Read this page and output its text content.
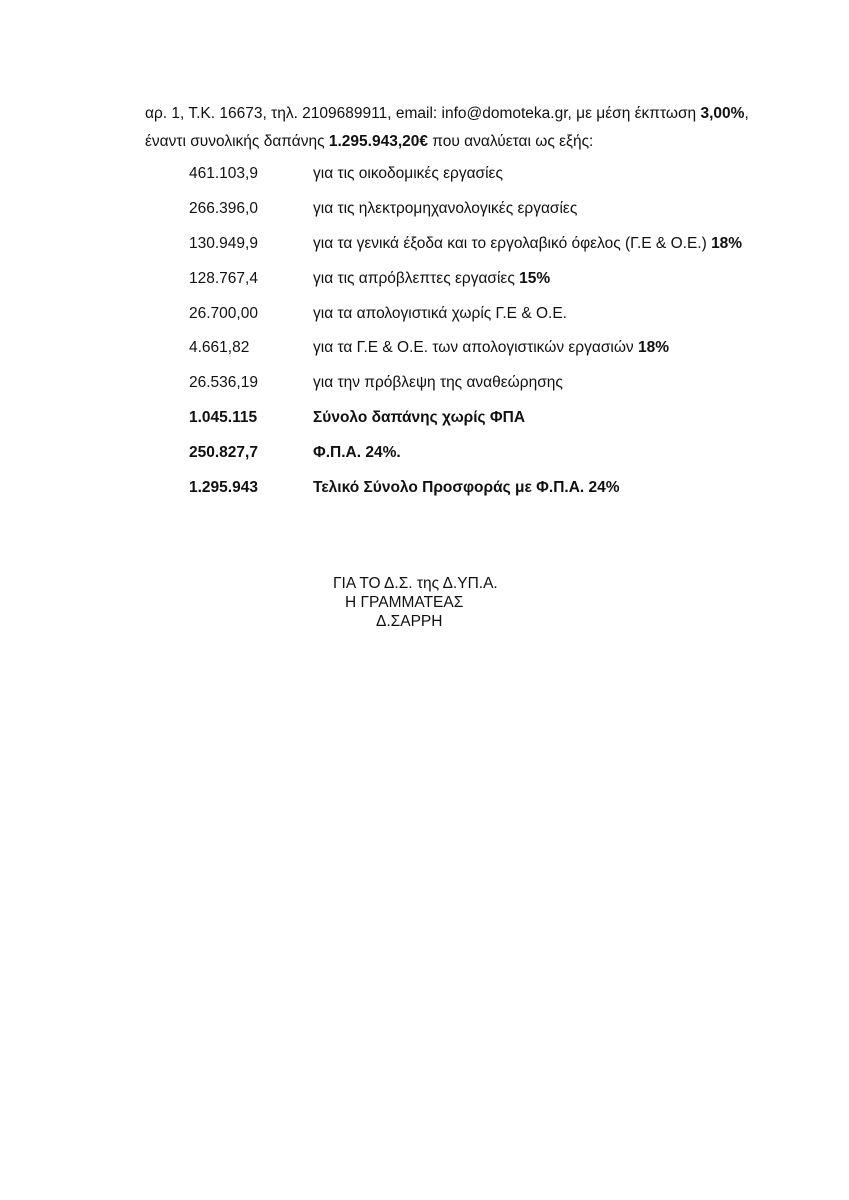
αρ. 1, Τ.Κ. 16673, τηλ. 2109689911, email: info@domoteka.gr, με μέση έκπτωση 3,00%,
έναντι συνολικής δαπάνης 1.295.943,20€ που αναλύεται ως εξής:
461.103,9	για τις οικοδομικές εργασίες
266.396,0	για τις ηλεκτρομηχανολογικές εργασίες
130.949,9	για τα γενικά έξοδα και το εργολαβικό όφελος (Γ.Ε & Ο.Ε.) 18%
128.767,4	για τις απρόβλεπτες εργασίες 15%
26.700,00	για τα απολογιστικά χωρίς Γ.Ε & Ο.Ε.
4.661,82	για τα Γ.Ε & Ο.Ε. των απολογιστικών εργασιών 18%
26.536,19	για την πρόβλεψη της αναθεώρησης
1.045.115	Σύνολο δαπάνης χωρίς ΦΠΑ
250.827,7	Φ.Π.Α. 24%.
1.295.943	Τελικό Σύνολο Προσφοράς με Φ.Π.Α. 24%
ΓΙΑ ΤΟ Δ.Σ. της Δ.ΥΠ.Α.
Η ΓΡΑΜΜΑΤΕΑΣ
Δ.ΣΑΡΡΗ
